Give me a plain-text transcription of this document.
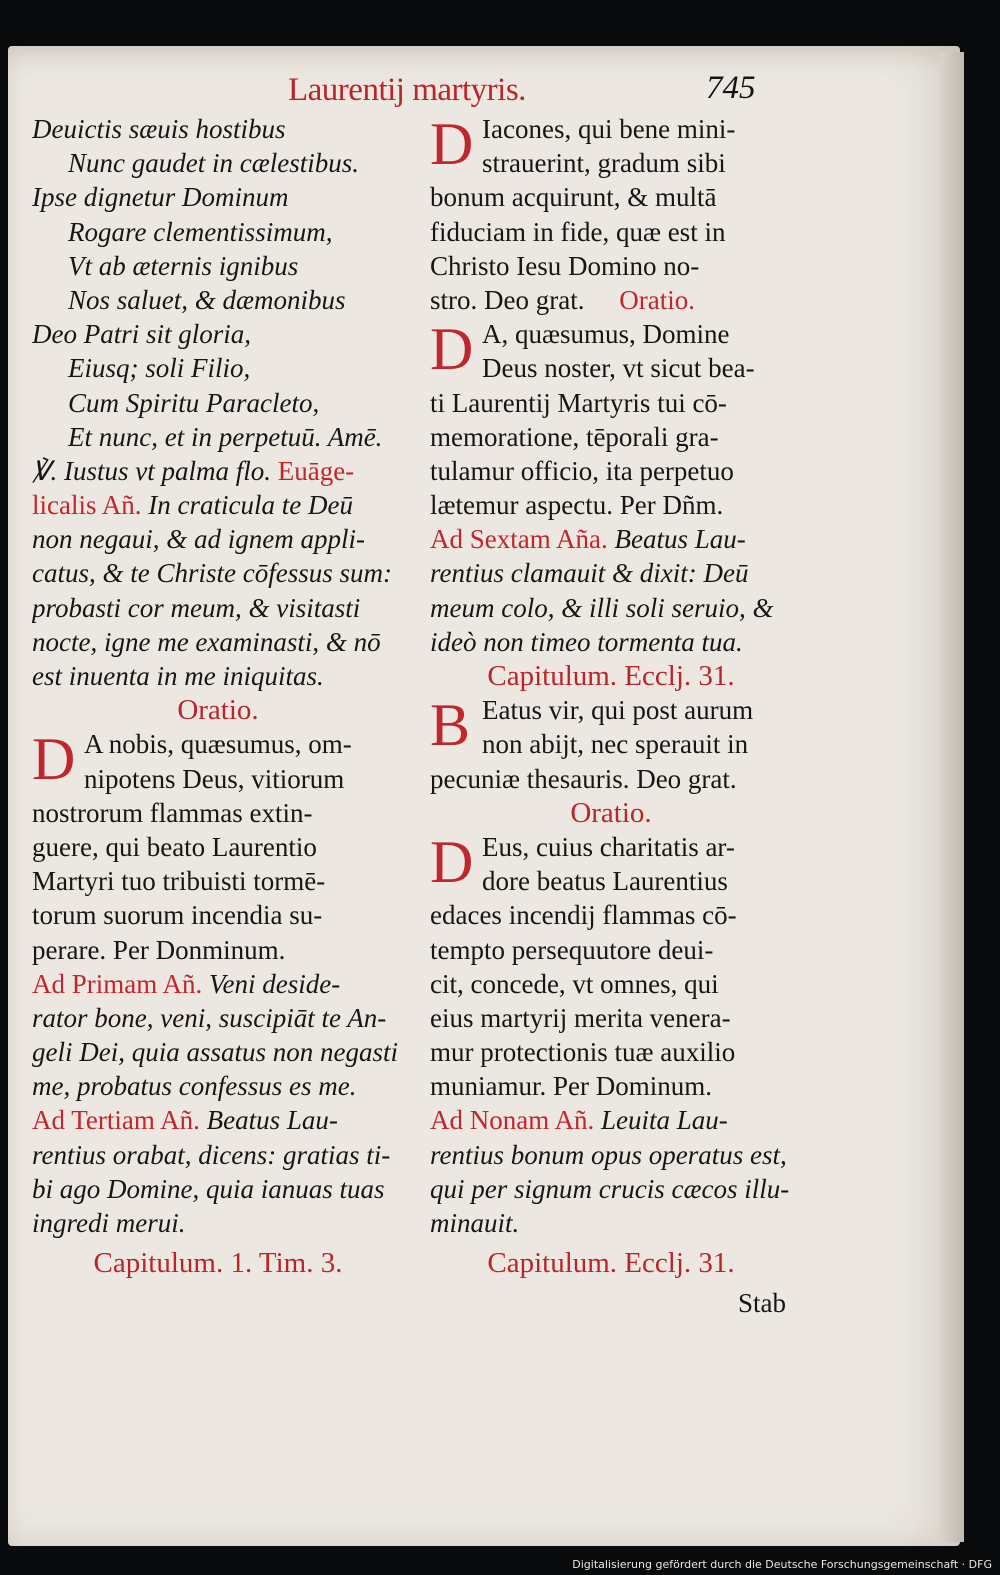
Laurentij martyris.	745
Deuictis sæuis hostibus
Nunc gaudet in cælestibus.
Ipse dignetur Dominum
Rogare clementissimum,
Vt ab æternis ignibus
Nos saluet, & dæmonibus
Deo Patri sit gloria,
Eiusq; soli Filio,
Cum Spiritu Paracleto,
Et nunc, et in perpetuū. Amē.
℣. Iustus vt palma flo. Euāge-
licalis Añ. In craticula te Deū
non negaui, & ad ignem appli-
catus, & te Christe cōfessus sum:
probasti cor meum, & visitasti
nocte, igne me examinasti, & nō
est inuenta in me iniquitas.
Oratio.
D A nobis, quæsumus, om-
nipotens Deus, vitiorum
nostrorum flammas extin-
guere, qui beato Laurentio
Martyri tuo tribuisti tormē-
torum suorum incendia su-
perare. Per Donminum.
Ad Primam Añ. Veni deside-
rator bone, veni, suscipiāt te An-
geli Dei, quia assatus non negasti
me, probatus confessus es me.
Ad Tertiam Añ. Beatus Lau-
rentius orabat, dicens: gratias ti-
bi ago Domine, quia ianuas tuas
ingredi merui.
Capitulum. 1. Tim. 3.
D Iacones, qui bene mini-
strauerint, gradum sibi
bonum acquirunt, & multā
fiduciam in fide, quæ est in
Christo Iesu Domino no-
stro. Deo grat. Oratio.
D A, quæsumus, Domine
Deus noster, vt sicut bea-
ti Laurentij Martyris tui cō-
memoratione, tēporali gra-
tulamur officio, ita perpetuo
lætemur aspectu. Per Dñm.
Ad Sextam Aña. Beatus Lau-
rentius clamauit & dixit: Deū
meum colo, & illi soli seruio, &
ideò non timeo tormenta tua.
Capitulum. Ecclj. 31.
B Eatus vir, qui post aurum
non abijt, nec sperauit in
pecuniæ thesauris. Deo grat.
Oratio.
D Eus, cuius charitatis ar-
dore beatus Laurentius
edaces incendij flammas cō-
tempto persequutore deui-
cit, concede, vt omnes, qui
eius martyrij merita venera-
mur protectionis tuæ auxilio
muniamur. Per Dominum.
Ad Nonam Añ. Leuita Lau-
rentius bonum opus operatus est,
qui per signum crucis cæcos illu-
minauit.
Capitulum. Ecclj. 31.
Stab
Digitalisierung gefördert durch die Deutsche Forschungsgemeinschaft · DFG
